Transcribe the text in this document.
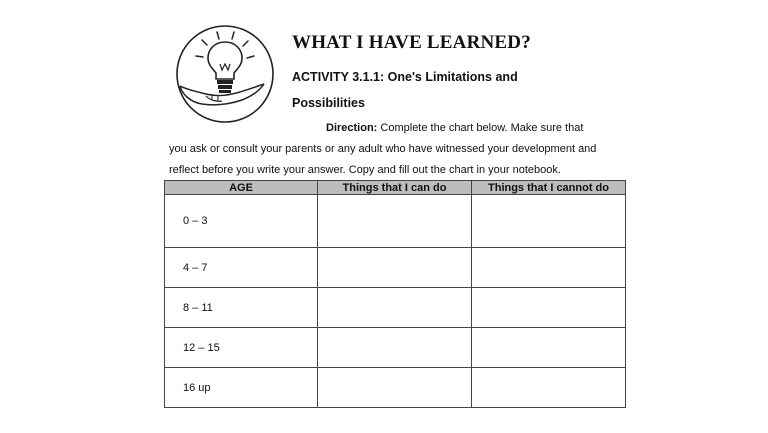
WHAT I HAVE LEARNED?

ACTIVITY 3.1.1: One's Limitations and Possibilities

Direction: Complete the chart below. Make sure that
you ask or consult your parents or any adult who have witnessed your development and reflect before you write your answer. Copy and fill out the chart in your notebook.

AGE	Things that I can do	Things that I cannot do
0 – 3		
4 – 7		
8 – 11		
12 – 15		
16 up		
